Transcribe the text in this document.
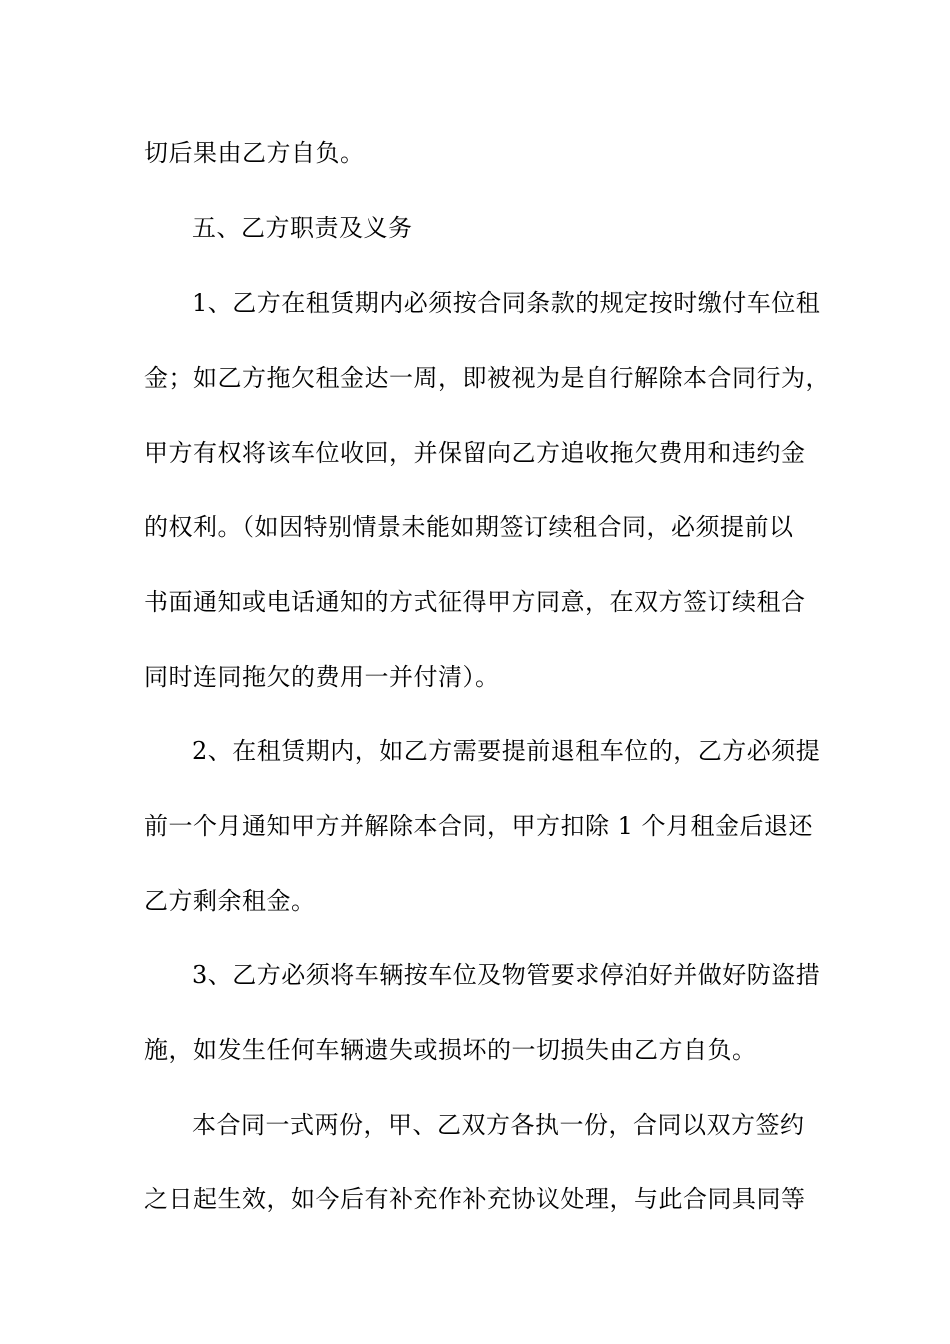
切后果由乙方自负。
五、乙方职责及义务
1、乙方在租赁期内必须按合同条款的规定按时缴付车位租
金；如乙方拖欠租金达一周，即被视为是自行解除本合同行为，
甲方有权将该车位收回，并保留向乙方追收拖欠费用和违约金
的权利。（如因特别情景未能如期签订续租合同，必须提前以
书面通知或电话通知的方式征得甲方同意，在双方签订续租合
同时连同拖欠的费用一并付清）。
2、在租赁期内，如乙方需要提前退租车位的，乙方必须提
前一个月通知甲方并解除本合同，甲方扣除 1 个月租金后退还
乙方剩余租金。
3、乙方必须将车辆按车位及物管要求停泊好并做好防盗措
施，如发生任何车辆遗失或损坏的一切损失由乙方自负。
本合同一式两份，甲、乙双方各执一份，合同以双方签约
之日起生效，如今后有补充作补充协议处理，与此合同具同等
